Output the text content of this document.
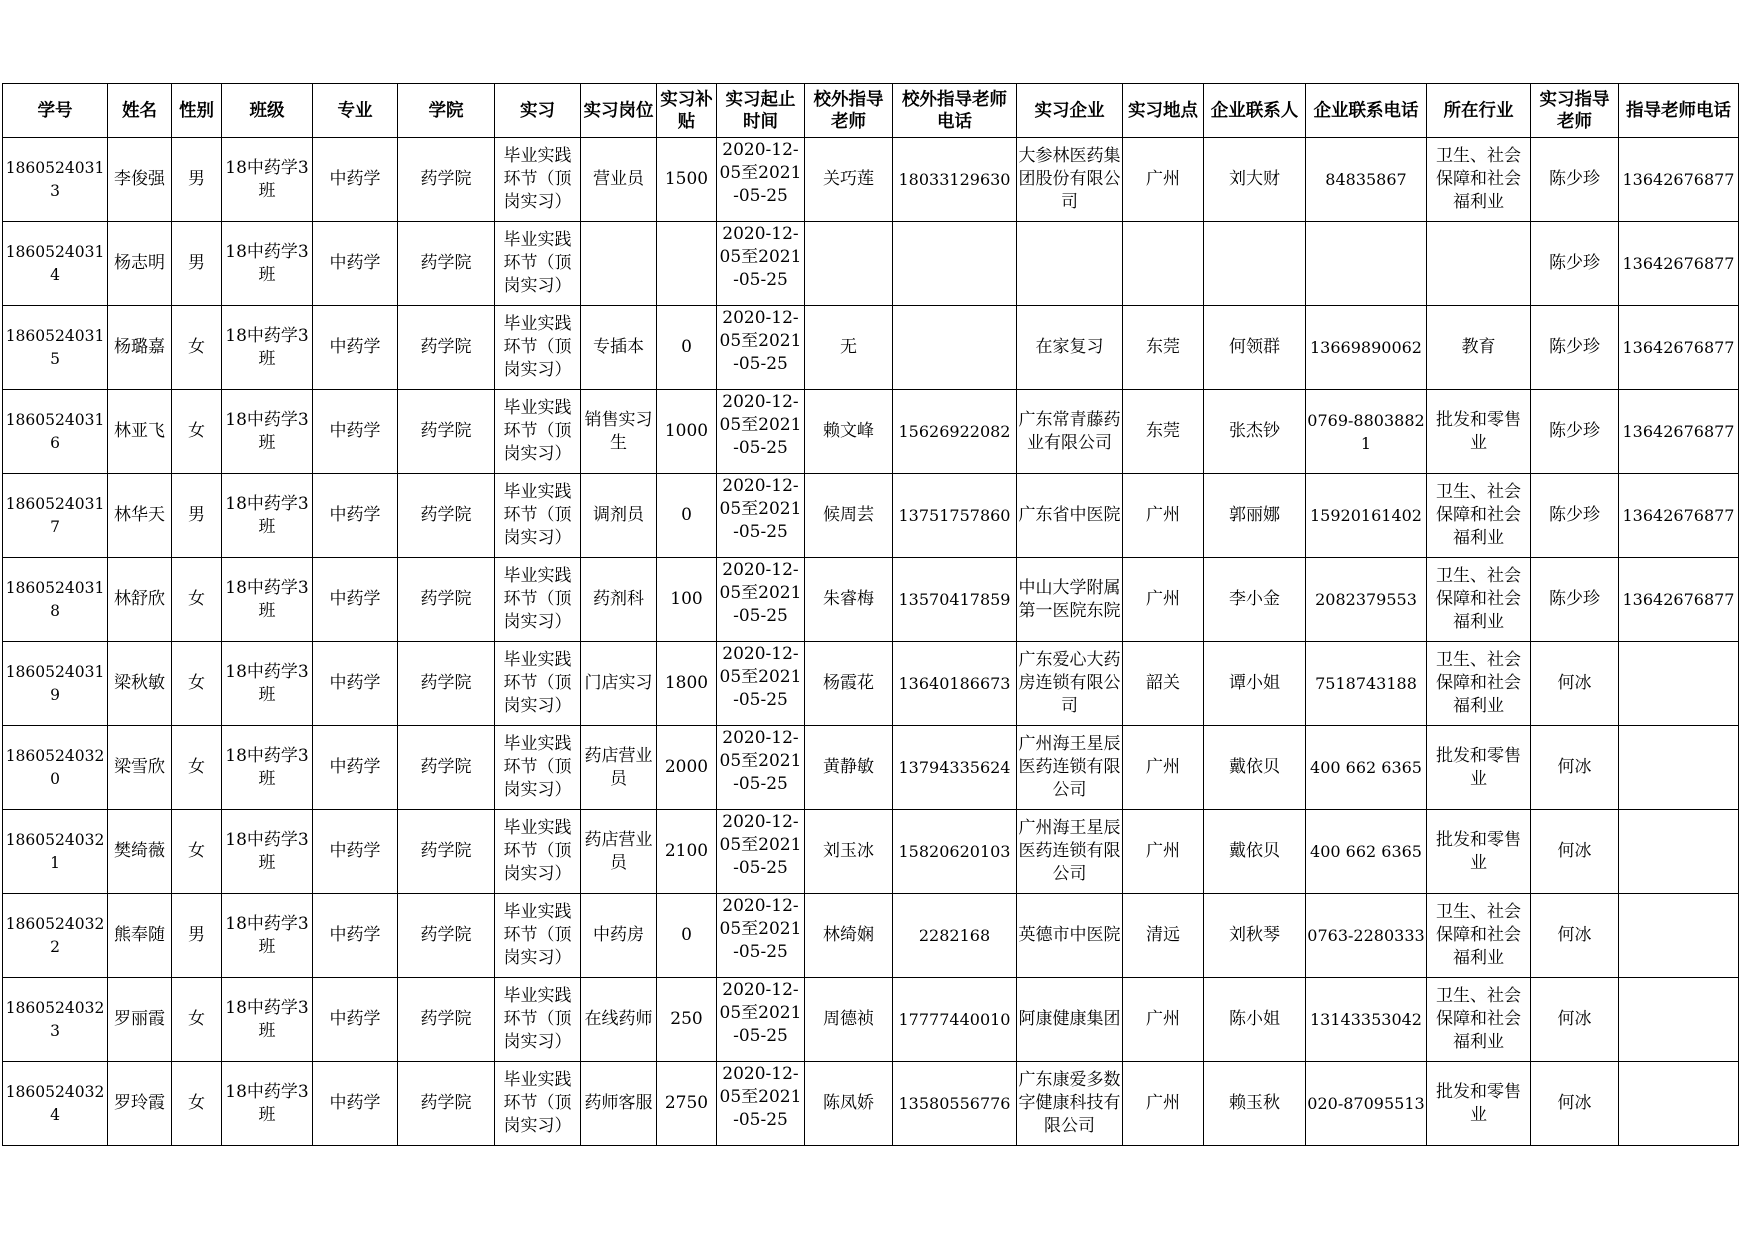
学号	姓名	性别	班级	专业	学院	实习	实习岗位	实习补贴	实习起止时间	校外指导老师	校外指导老师电话	实习企业	实习地点	企业联系人	企业联系电话	所在行业	实习指导老师	指导老师电话
18605240313	李俊强	男	18中药学3班	中药学	药学院	毕业实践环节（顶岗实习）	营业员	1500	2020-12-05至2021-05-25	关巧莲	18033129630	大参林医药集团股份有限公司	广州	刘大财	84835867	卫生、社会保障和社会福利业	陈少珍	13642676877
18605240314	杨志明	男	18中药学3班	中药学	药学院	毕业实践环节（顶岗实习）			2020-12-05至2021-05-25								陈少珍	13642676877
18605240315	杨璐嘉	女	18中药学3班	中药学	药学院	毕业实践环节（顶岗实习）	专插本	0	2020-12-05至2021-05-25	无		在家复习	东莞	何领群	13669890062	教育	陈少珍	13642676877
18605240316	林亚飞	女	18中药学3班	中药学	药学院	毕业实践环节（顶岗实习）	销售实习生	1000	2020-12-05至2021-05-25	赖文峰	15626922082	广东常青藤药业有限公司	东莞	张杰钞	0769-88038821	批发和零售业	陈少珍	13642676877
18605240317	林华天	男	18中药学3班	中药学	药学院	毕业实践环节（顶岗实习）	调剂员	0	2020-12-05至2021-05-25	候周芸	13751757860	广东省中医院	广州	郭丽娜	15920161402	卫生、社会保障和社会福利业	陈少珍	13642676877
18605240318	林舒欣	女	18中药学3班	中药学	药学院	毕业实践环节（顶岗实习）	药剂科	100	2020-12-05至2021-05-25	朱睿梅	13570417859	中山大学附属第一医院东院	广州	李小金	2082379553	卫生、社会保障和社会福利业	陈少珍	13642676877
18605240319	梁秋敏	女	18中药学3班	中药学	药学院	毕业实践环节（顶岗实习）	门店实习	1800	2020-12-05至2021-05-25	杨霞花	13640186673	广东爱心大药房连锁有限公司	韶关	谭小姐	7518743188	卫生、社会保障和社会福利业	何冰	
18605240320	梁雪欣	女	18中药学3班	中药学	药学院	毕业实践环节（顶岗实习）	药店营业员	2000	2020-12-05至2021-05-25	黄静敏	13794335624	广州海王星辰医药连锁有限公司	广州	戴依贝	400 662 6365	批发和零售业	何冰	
18605240321	樊绮薇	女	18中药学3班	中药学	药学院	毕业实践环节（顶岗实习）	药店营业员	2100	2020-12-05至2021-05-25	刘玉冰	15820620103	广州海王星辰医药连锁有限公司	广州	戴依贝	400 662 6365	批发和零售业	何冰	
18605240322	熊奉随	男	18中药学3班	中药学	药学院	毕业实践环节（顶岗实习）	中药房	0	2020-12-05至2021-05-25	林绮娴	2282168	英德市中医院	清远	刘秋琴	0763-2280333	卫生、社会保障和社会福利业	何冰	
18605240323	罗丽霞	女	18中药学3班	中药学	药学院	毕业实践环节（顶岗实习）	在线药师	250	2020-12-05至2021-05-25	周德祯	17777440010	阿康健康集团	广州	陈小姐	13143353042	卫生、社会保障和社会福利业	何冰	
18605240324	罗玲霞	女	18中药学3班	中药学	药学院	毕业实践环节（顶岗实习）	药师客服	2750	2020-12-05至2021-05-25	陈凤娇	13580556776	广东康爱多数字健康科技有限公司	广州	赖玉秋	020-87095513	批发和零售业	何冰	
